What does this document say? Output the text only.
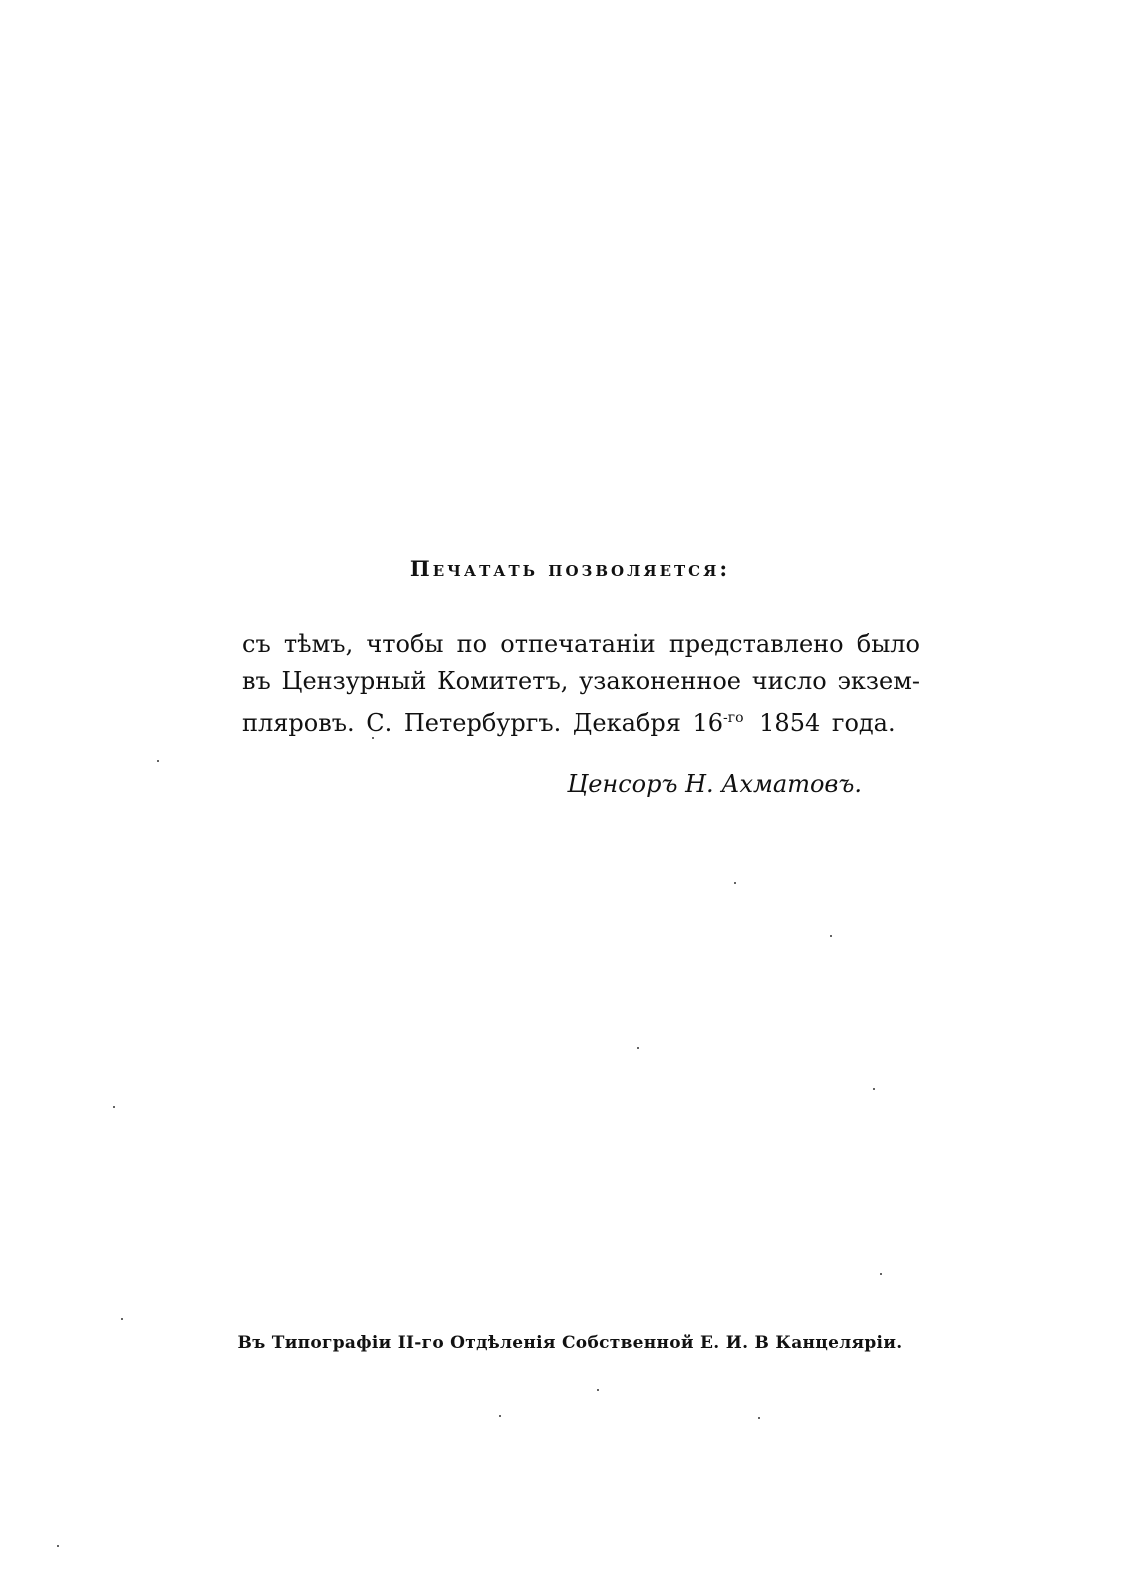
Печатать позволяется:
съ тѣмъ, чтобы по отпечатаніи представлено было
въ Цензурный Комитетъ, узаконенное число экзем-
пляровъ. С. Петербургъ. Декабря $16^{-го}$ 1854 года.
Ценсоръ Н. Ахматовъ.
Въ Типографіи II-го Отдѣленія Собственной Е. И. В Канцеляріи.
